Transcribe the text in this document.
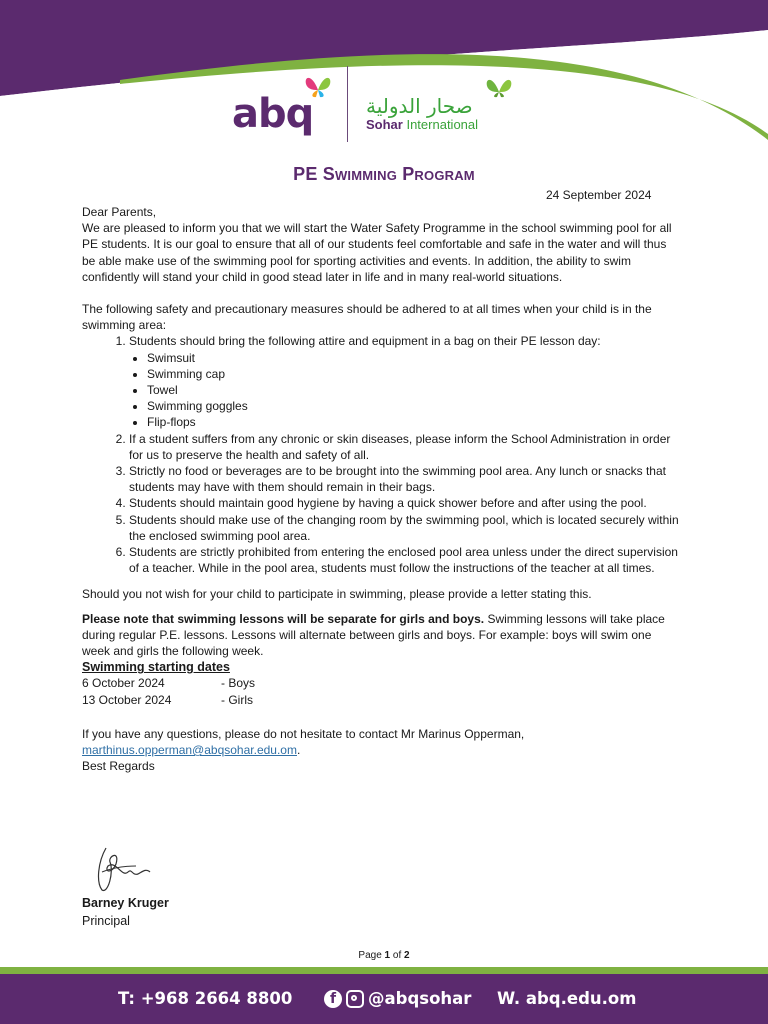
abq	صحار الدولية
Sohar International
PE Swimming Program
24 September 2024

Dear Parents,

We are pleased to inform you that we will start the Water Safety Programme in the school swimming pool for all PE students. It is our goal to ensure that all of our students feel comfortable and safe in the water and will thus be able make use of the swimming pool for sporting activities and events. In addition, the ability to swim confidently will stand your child in good stead later in life and in many real-world situations.

The following safety and precautionary measures should be adhered to at all times when your child is in the swimming area:

1. Students should bring the following attire and equipment in a bag on their PE lesson day:
• Swimsuit
• Swimming cap
• Towel
• Swimming goggles
• Flip-flops
2. If a student suffers from any chronic or skin diseases, please inform the School Administration in order for us to preserve the health and safety of all.
3. Strictly no food or beverages are to be brought into the swimming pool area. Any lunch or snacks that students may have with them should remain in their bags.
4. Students should maintain good hygiene by having a quick shower before and after using the pool.
5. Students should make use of the changing room by the swimming pool, which is located securely within the enclosed swimming pool area.
6. Students are strictly prohibited from entering the enclosed pool area unless under the direct supervision of a teacher. While in the pool area, students must follow the instructions of the teacher at all times.

Should you not wish for your child to participate in swimming, please provide a letter stating this.

Please note that swimming lessons will be separate for girls and boys. Swimming lessons will take place during regular P.E. lessons. Lessons will alternate between girls and boys. For example: boys will swim one week and girls the following week.

Swimming starting dates
6 October 2024	- Boys
13 October 2024	- Girls

If you have any questions, please do not hesitate to contact Mr Marinus Opperman,

marthinus.opperman@abqsohar.edu.om.

Best Regards

Barney Kruger
Principal
Page 1 of 2
T: +968 2664 8800	f	@abqsohar W. abq.edu.om
